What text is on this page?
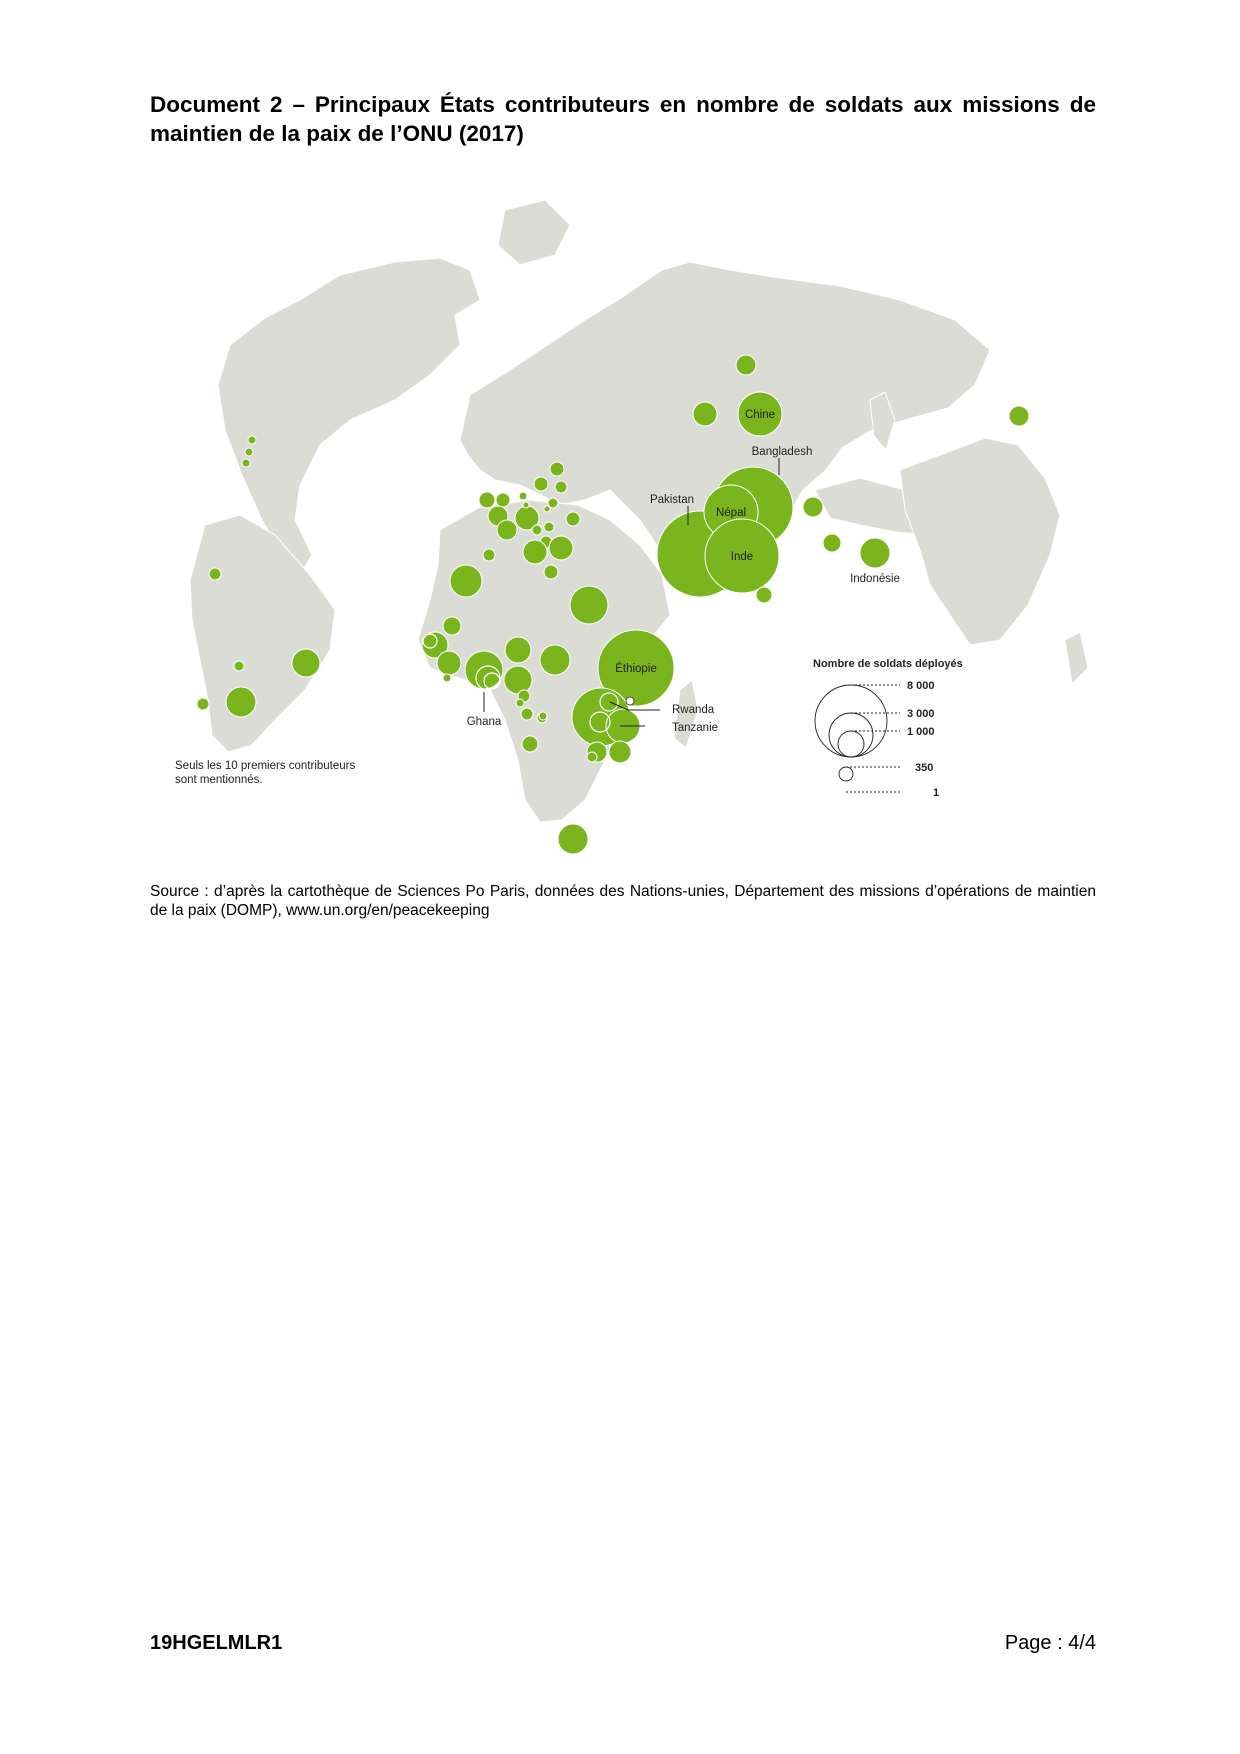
Document 2 – Principaux États contributeurs en nombre de soldats aux missions de maintien de la paix de l’ONU (2017)
Chine
Bangladesh
Pakistan
Népal
Inde
Indonésie
Éthiopie
Rwanda
Tanzanie
Ghana
Seuls les 10 premiers contributeurs
sont mentionnés.
Nombre de soldats déployés
8 000
3 000
1 000
350
1
Source : d’après la cartothèque de Sciences Po Paris, données des Nations-unies, Département des missions d’opérations de maintien de la paix (DOMP), www.un.org/en/peacekeeping
19HGELMLR1	Page : 4/4
